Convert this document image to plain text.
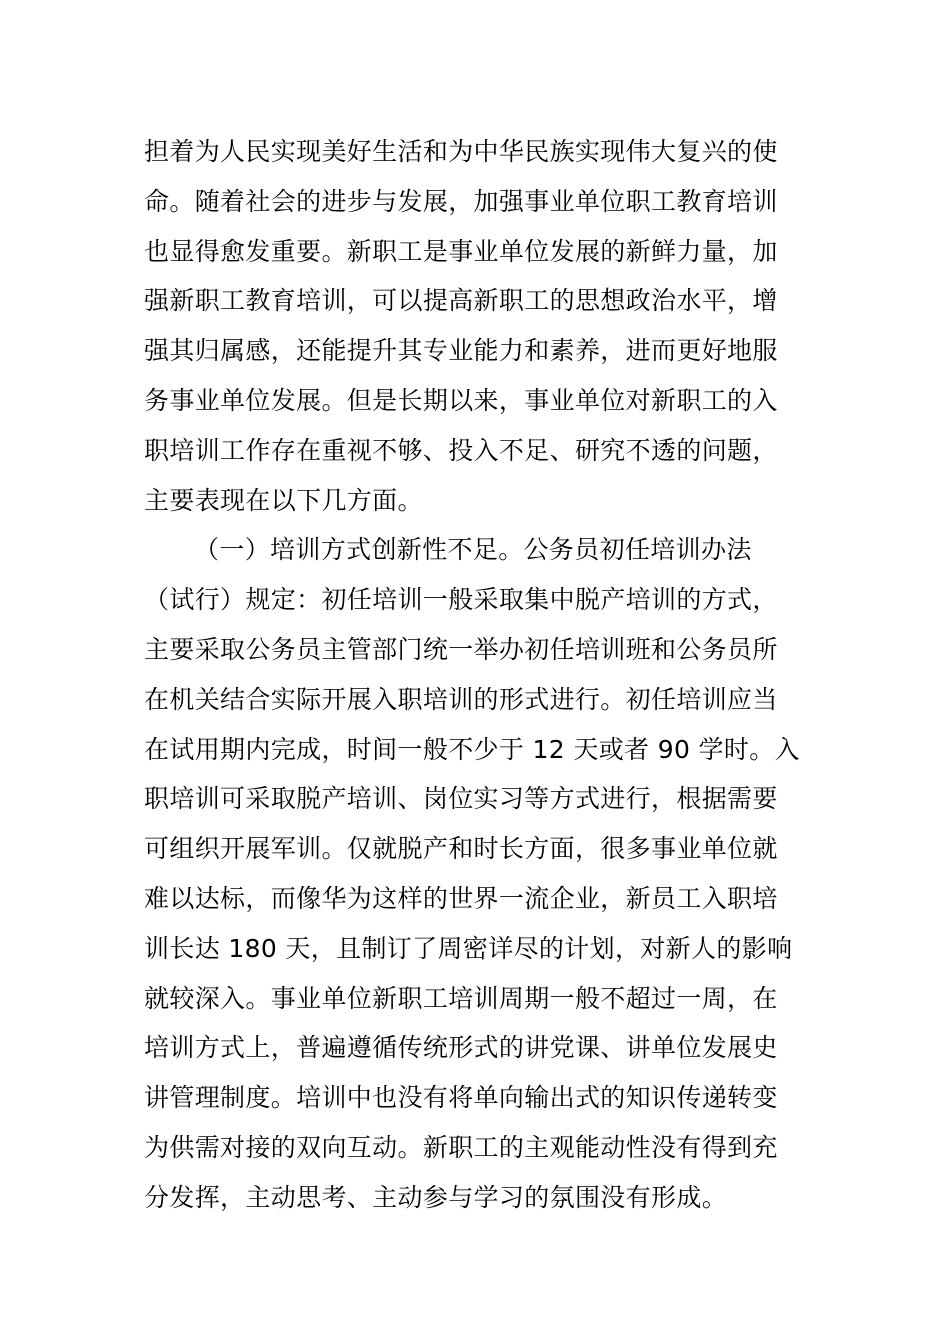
担着为人民实现美好生活和为中华民族实现伟大复兴的使
命。随着社会的进步与发展，加强事业单位职工教育培训
也显得愈发重要。新职工是事业单位发展的新鲜力量，加
强新职工教育培训，可以提高新职工的思想政治水平，增
强其归属感，还能提升其专业能力和素养，进而更好地服
务事业单位发展。但是长期以来，事业单位对新职工的入
职培训工作存在重视不够、投入不足、研究不透的问题，
主要表现在以下几方面。
（一）培训方式创新性不足。公务员初任培训办法
（试行）规定：初任培训一般采取集中脱产培训的方式，
主要采取公务员主管部门统一举办初任培训班和公务员所
在机关结合实际开展入职培训的形式进行。初任培训应当
在试用期内完成，时间一般不少于 12 天或者 90 学时。入
职培训可采取脱产培训、岗位实习等方式进行，根据需要
可组织开展军训。仅就脱产和时长方面，很多事业单位就
难以达标，而像华为这样的世界一流企业，新员工入职培
训长达 180 天，且制订了周密详尽的计划，对新人的影响
就较深入。事业单位新职工培训周期一般不超过一周，在
培训方式上，普遍遵循传统形式的讲党课、讲单位发展史
讲管理制度。培训中也没有将单向输出式的知识传递转变
为供需对接的双向互动。新职工的主观能动性没有得到充
分发挥，主动思考、主动参与学习的氛围没有形成。
